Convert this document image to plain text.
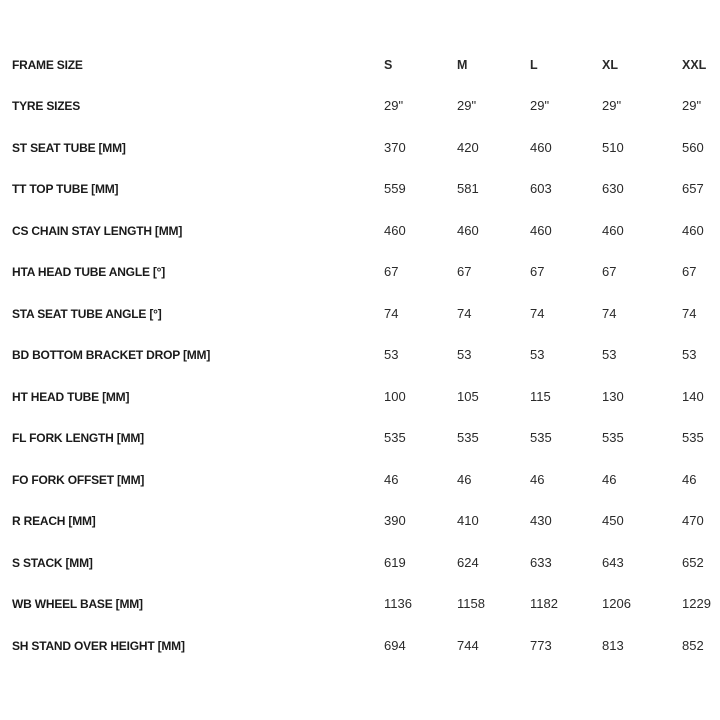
FRAME SIZE	S	M	L	XL	XXL
TYRE SIZES	29"	29"	29"	29"	29"
ST SEAT TUBE [MM]	370	420	460	510	560
TT TOP TUBE [MM]	559	581	603	630	657
CS CHAIN STAY LENGTH [MM]	460	460	460	460	460
HTA HEAD TUBE ANGLE [°]	67	67	67	67	67
STA SEAT TUBE ANGLE [°]	74	74	74	74	74
BD BOTTOM BRACKET DROP [MM]	53	53	53	53	53
HT HEAD TUBE [MM]	100	105	115	130	140
FL FORK LENGTH [MM]	535	535	535	535	535
FO FORK OFFSET [MM]	46	46	46	46	46
R REACH [MM]	390	410	430	450	470
S STACK [MM]	619	624	633	643	652
WB WHEEL BASE [MM]	1136	1158	1182	1206	1229
SH STAND OVER HEIGHT [MM]	694	744	773	813	852
